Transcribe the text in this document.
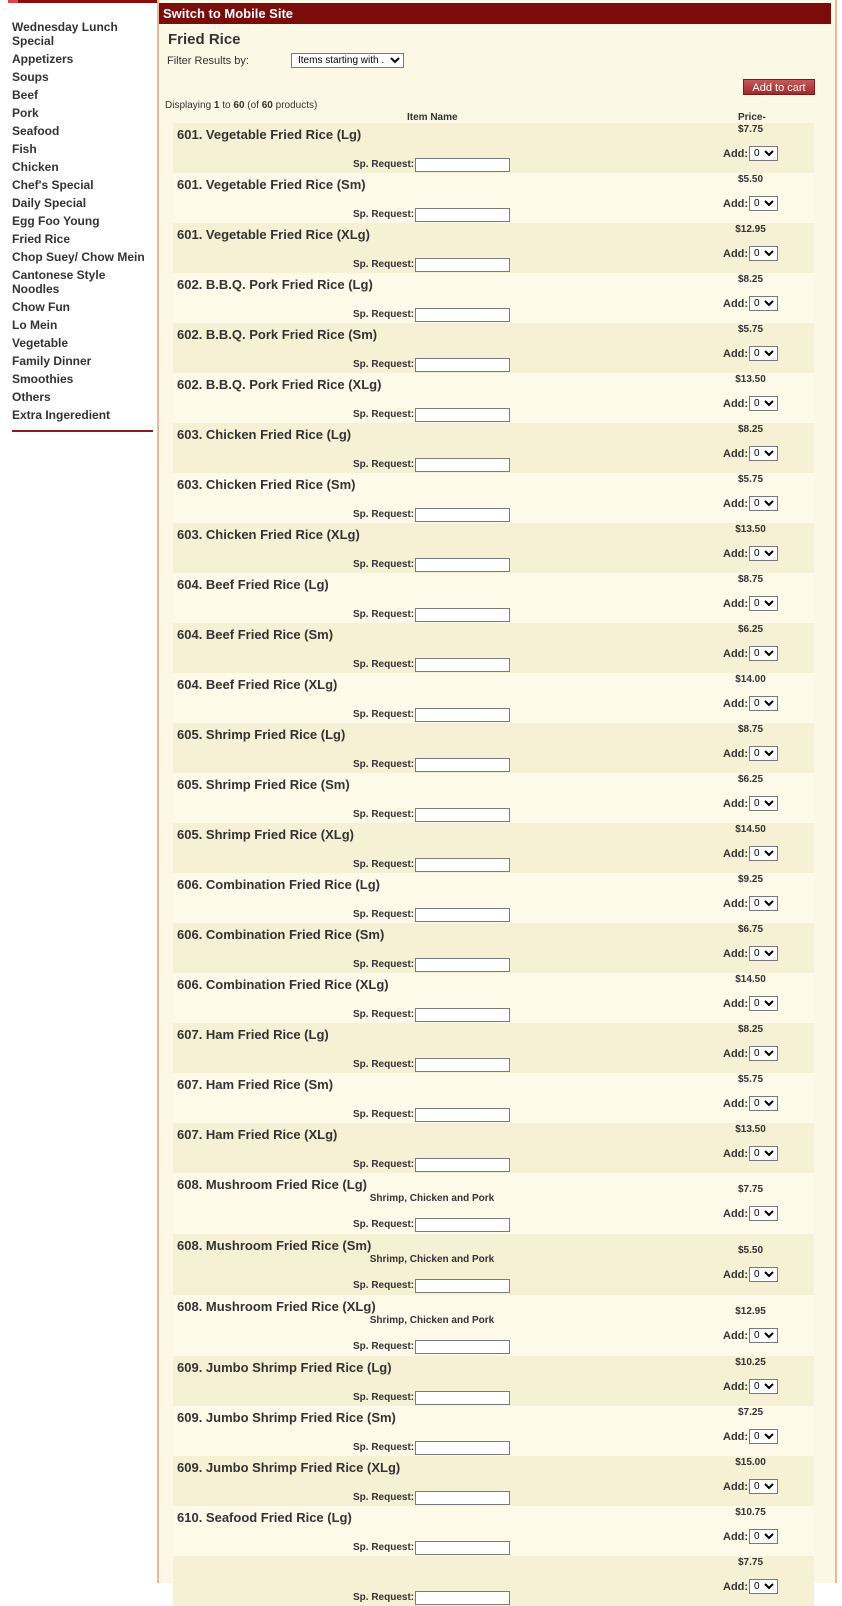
Wednesday Lunch Special
Appetizers
Soups
Beef
Pork
Seafood
Fish
Chicken
Chef's Special
Daily Special
Egg Foo Young
Fried Rice
Chop Suey/ Chow Mein
Cantonese Style Noodles
Chow Fun
Lo Mein
Vegetable
Family Dinner
Smoothies
Others
Extra Ingeredient
Switch to Mobile Site
Fried Rice
Filter Results by:
Items starting with ...
Add to cart
Displaying 1 to 60 (of 60 products)
Item Name	Price-
601. Vegetable Fried Rice (Lg)	$7.75
Add:
0
Sp. Request:
601. Vegetable Fried Rice (Sm)	$5.50
Add:
0
Sp. Request:
601. Vegetable Fried Rice (XLg)	$12.95
Add:
0
Sp. Request:
602. B.B.Q. Pork Fried Rice (Lg)	$8.25
Add:
0
Sp. Request:
602. B.B.Q. Pork Fried Rice (Sm)	$5.75
Add:
0
Sp. Request:
602. B.B.Q. Pork Fried Rice (XLg)	$13.50
Add:
0
Sp. Request:
603. Chicken Fried Rice (Lg)	$8.25
Add:
0
Sp. Request:
603. Chicken Fried Rice (Sm)	$5.75
Add:
0
Sp. Request:
603. Chicken Fried Rice (XLg)	$13.50
Add:
0
Sp. Request:
604. Beef Fried Rice (Lg)	$8.75
Add:
0
Sp. Request:
604. Beef Fried Rice (Sm)	$6.25
Add:
0
Sp. Request:
604. Beef Fried Rice (XLg)	$14.00
Add:
0
Sp. Request:
605. Shrimp Fried Rice (Lg)	$8.75
Add:
0
Sp. Request:
605. Shrimp Fried Rice (Sm)	$6.25
Add:
0
Sp. Request:
605. Shrimp Fried Rice (XLg)	$14.50
Add:
0
Sp. Request:
606. Combination Fried Rice (Lg)	$9.25
Add:
0
Sp. Request:
606. Combination Fried Rice (Sm)	$6.75
Add:
0
Sp. Request:
606. Combination Fried Rice (XLg)	$14.50
Add:
0
Sp. Request:
607. Ham Fried Rice (Lg)	$8.25
Add:
0
Sp. Request:
607. Ham Fried Rice (Sm)	$5.75
Add:
0
Sp. Request:
607. Ham Fried Rice (XLg)	$13.50
Add:
0
Sp. Request:
608. Mushroom Fried Rice (Lg)
Shrimp, Chicken and Pork
$7.75
Add:
0
Sp. Request:
608. Mushroom Fried Rice (Sm)
Shrimp, Chicken and Pork
$5.50
Add:
0
Sp. Request:
608. Mushroom Fried Rice (XLg)
Shrimp, Chicken and Pork
$12.95
Add:
0
Sp. Request:
609. Jumbo Shrimp Fried Rice (Lg)	$10.25
Add:
0
Sp. Request:
609. Jumbo Shrimp Fried Rice (Sm)	$7.25
Add:
0
Sp. Request:
609. Jumbo Shrimp Fried Rice (XLg)	$15.00
Add:
0
Sp. Request:
610. Seafood Fried Rice (Lg)	$10.75
Add:
0
Sp. Request:
$7.75
Add:
0
Sp. Request:
